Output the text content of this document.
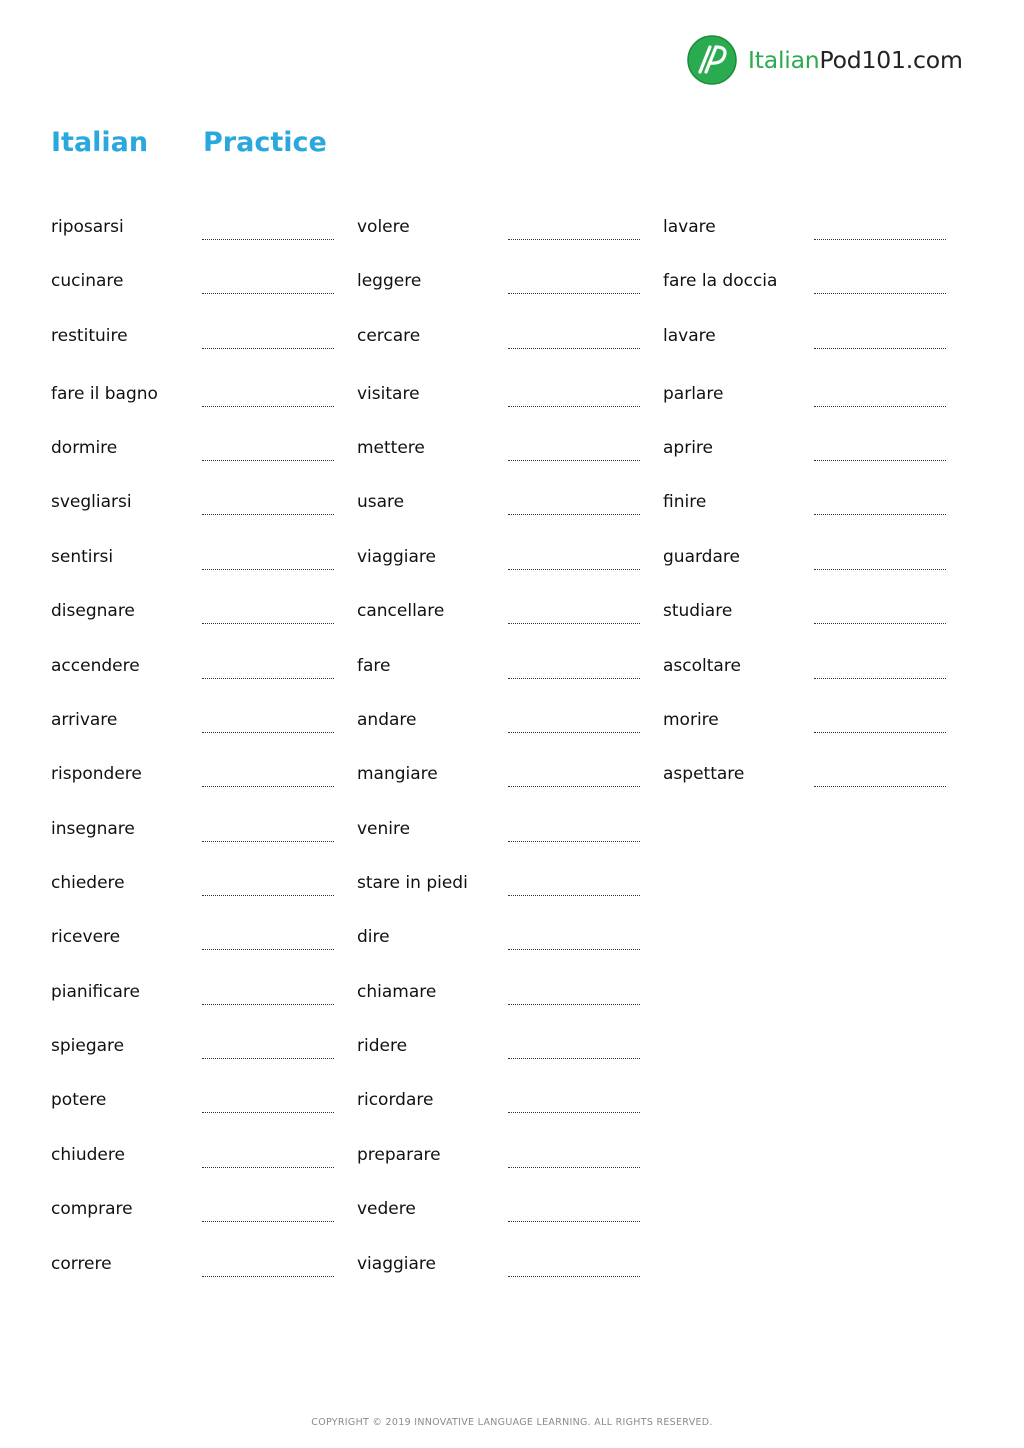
ItalianPod101.com
Italian Practice
riposarsi
cucinare
restituire
fare il bagno
dormire
svegliarsi
sentirsi
disegnare
accendere
arrivare
rispondere
insegnare
chiedere
ricevere
pianificare
spiegare
potere
chiudere
comprare
correre
volere
leggere
cercare
visitare
mettere
usare
viaggiare
cancellare
fare
andare
mangiare
venire
stare in piedi
dire
chiamare
ridere
ricordare
preparare
vedere
viaggiare
lavare
fare la doccia
lavare
parlare
aprire
finire
guardare
studiare
ascoltare
morire
aspettare
COPYRIGHT © 2019 INNOVATIVE LANGUAGE LEARNING. ALL RIGHTS RESERVED.
